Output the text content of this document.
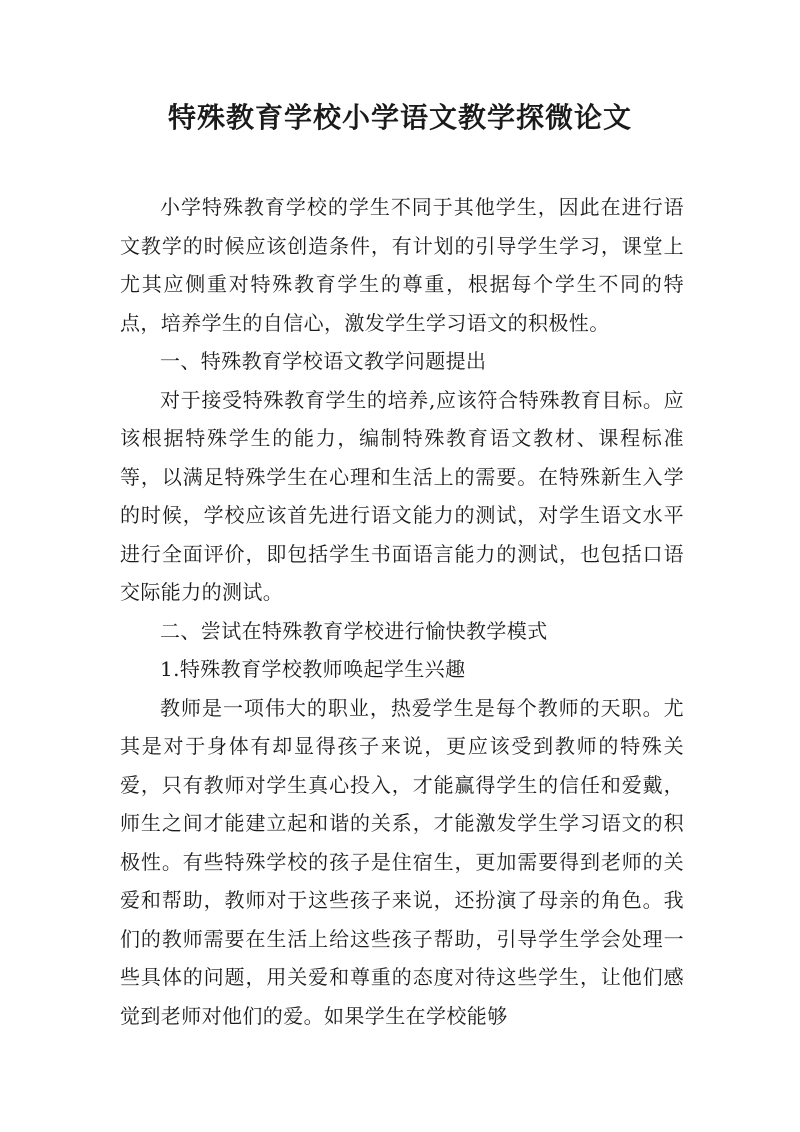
特殊教育学校小学语文教学探微论文

小学特殊教育学校的学生不同于其他学生，因此在进行语文教学的时候应该创造条件，有计划的引导学生学习，课堂上尤其应侧重对特殊教育学生的尊重，根据每个学生不同的特点，培养学生的自信心，激发学生学习语文的积极性。

一、特殊教育学校语文教学问题提出

对于接受特殊教育学生的培养,应该符合特殊教育目标。应该根据特殊学生的能力，编制特殊教育语文教材、课程标准等，以满足特殊学生在心理和生活上的需要。在特殊新生入学的时候，学校应该首先进行语文能力的测试，对学生语文水平进行全面评价，即包括学生书面语言能力的测试，也包括口语交际能力的测试。

二、尝试在特殊教育学校进行愉快教学模式

1.特殊教育学校教师唤起学生兴趣

教师是一项伟大的职业，热爱学生是每个教师的天职。尤其是对于身体有却显得孩子来说，更应该受到教师的特殊关爱，只有教师对学生真心投入，才能赢得学生的信任和爱戴，师生之间才能建立起和谐的关系，才能激发学生学习语文的积极性。有些特殊学校的孩子是住宿生，更加需要得到老师的关爱和帮助，教师对于这些孩子来说，还扮演了母亲的角色。我们的教师需要在生活上给这些孩子帮助，引导学生学会处理一些具体的问题，用关爱和尊重的态度对待这些学生，让他们感觉到老师对他们的爱。如果学生在学校能够
